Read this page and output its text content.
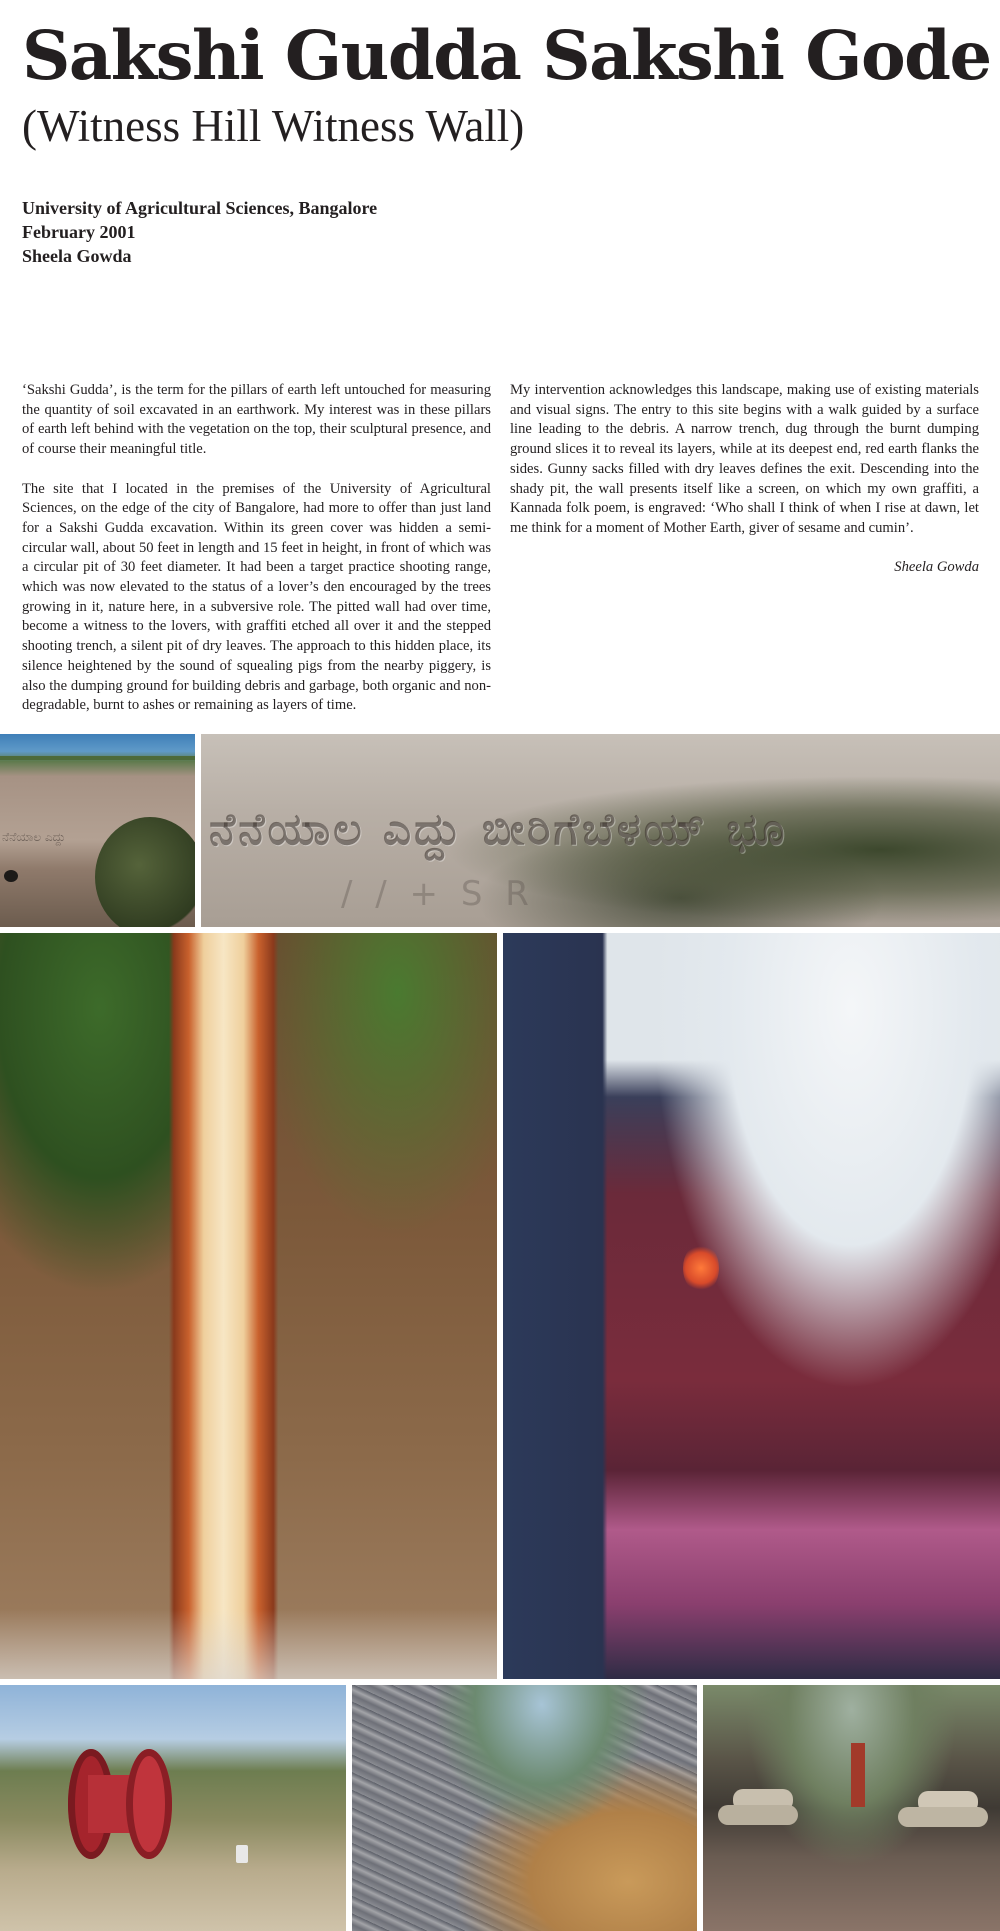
Sakshi Gudda Sakshi Gode
(Witness Hill Witness Wall)
University of Agricultural Sciences, Bangalore
February 2001
Sheela Gowda

‘Sakshi Gudda’, is the term for the pillars of earth left untouched for measuring the quantity of soil excavated in an earthwork. My interest was in these pillars of earth left behind with the vegetation on the top, their sculptural presence, and of course their meaningful title.

The site that I located in the premises of the University of Agricultural Sciences, on the edge of the city of Bangalore, had more to offer than just land for a Sakshi Gudda excavation. Within its green cover was hidden a semi-circular wall, about 50 feet in length and 15 feet in height, in front of which was a circular pit of 30 feet diameter. It had been a target practice shooting range, which was now elevated to the status of a lover’s den encouraged by the trees growing in it, nature here, in a subversive role. The pitted wall had over time, become a witness to the lovers, with graffiti etched all over it and the stepped shooting trench, a silent pit of dry leaves. The approach to this hidden place, its silence heightened by the sound of squealing pigs from the nearby piggery, is also the dumping ground for building debris and garbage, both organic and non- degradable, burnt to ashes or remaining as layers of time.

My intervention acknowledges this landscape, making use of existing materials and visual signs. The entry to this site begins with a walk guided by a surface line leading to the debris. A narrow trench, dug through the burnt dumping ground slices it to reveal its layers, while at its deepest end, red earth flanks the sides. Gunny sacks filled with dry leaves defines the exit. Descending into the shady pit, the wall presents itself like a screen, on which my own graffiti, a Kannada folk poem, is engraved: ‘Who shall I think of when I rise at dawn, let me think for a moment of Mother Earth, giver of sesame and cumin’.

Sheela Gowda

ನೆನೆಯಾಲ ಎದ್ದು	ನೆನೆಯಾಲ ಎದ್ದು ಬೀರಿಗೆಬೆಳಯ್ ಭೂ
/ / + S R
